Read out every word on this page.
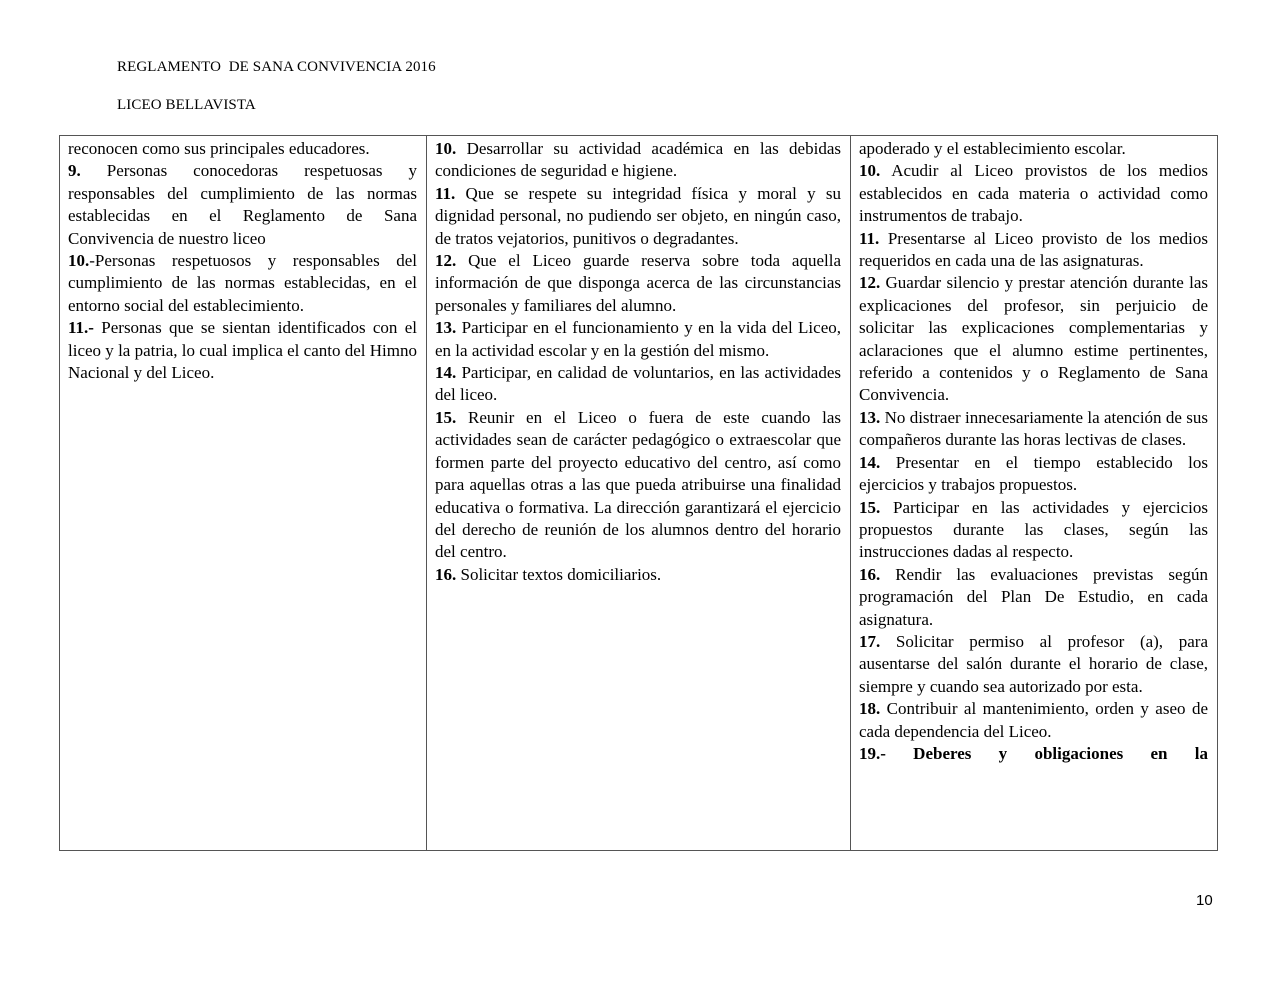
REGLAMENTO  DE SANA CONVIVENCIA 2016
LICEO BELLAVISTA

reconocen como sus principales educadores.

9. Personas conocedoras respetuosas y responsables del cumplimiento de las normas establecidas en el Reglamento de Sana Convivencia de nuestro liceo

10.-Personas respetuosos y responsables del cumplimiento de las normas establecidas, en el entorno social del establecimiento.

11.- Personas que se sientan identificados con el liceo y la patria, lo cual implica el canto del Himno Nacional y del Liceo.

10. Desarrollar su actividad académica en las debidas condiciones de seguridad e higiene.

11. Que se respete su integridad física y moral y su dignidad personal, no pudiendo ser objeto, en ningún caso, de tratos vejatorios, punitivos o degradantes.

12. Que el Liceo guarde reserva sobre toda aquella información de que disponga acerca de las circunstancias personales y familiares del alumno.

13. Participar en el funcionamiento y en la vida del Liceo, en la actividad escolar y en la gestión del mismo.

14. Participar, en calidad de voluntarios, en las actividades del liceo.

15. Reunir en el Liceo o fuera de este cuando las actividades sean de carácter pedagógico o extraescolar que formen parte del proyecto educativo del centro, así como para aquellas otras a las que pueda atribuirse una finalidad educativa o formativa. La dirección garantizará el ejercicio del derecho de reunión de los alumnos dentro del horario del centro.

16. Solicitar textos domiciliarios.

apoderado y el establecimiento escolar.

10. Acudir al Liceo provistos de los medios establecidos en cada materia o actividad como instrumentos de trabajo.

11. Presentarse al Liceo provisto de los medios requeridos en cada una de las asignaturas.

12. Guardar silencio y prestar atención durante las explicaciones del profesor, sin perjuicio de solicitar las explicaciones complementarias y aclaraciones que el alumno estime pertinentes, referido a contenidos y o Reglamento de Sana Convivencia.

13. No distraer innecesariamente la atención de sus compañeros durante las horas lectivas de clases.

14. Presentar en el tiempo establecido los ejercicios y trabajos propuestos.

15. Participar en las actividades y ejercicios propuestos durante las clases, según las instrucciones dadas al respecto.

16. Rendir las evaluaciones previstas según programación del Plan De Estudio, en cada asignatura.

17. Solicitar permiso al profesor (a), para ausentarse del salón durante el horario de clase, siempre y cuando sea autorizado por esta.

18. Contribuir al mantenimiento, orden y aseo de cada dependencia del Liceo.

19.- Deberes y obligaciones en la

10
